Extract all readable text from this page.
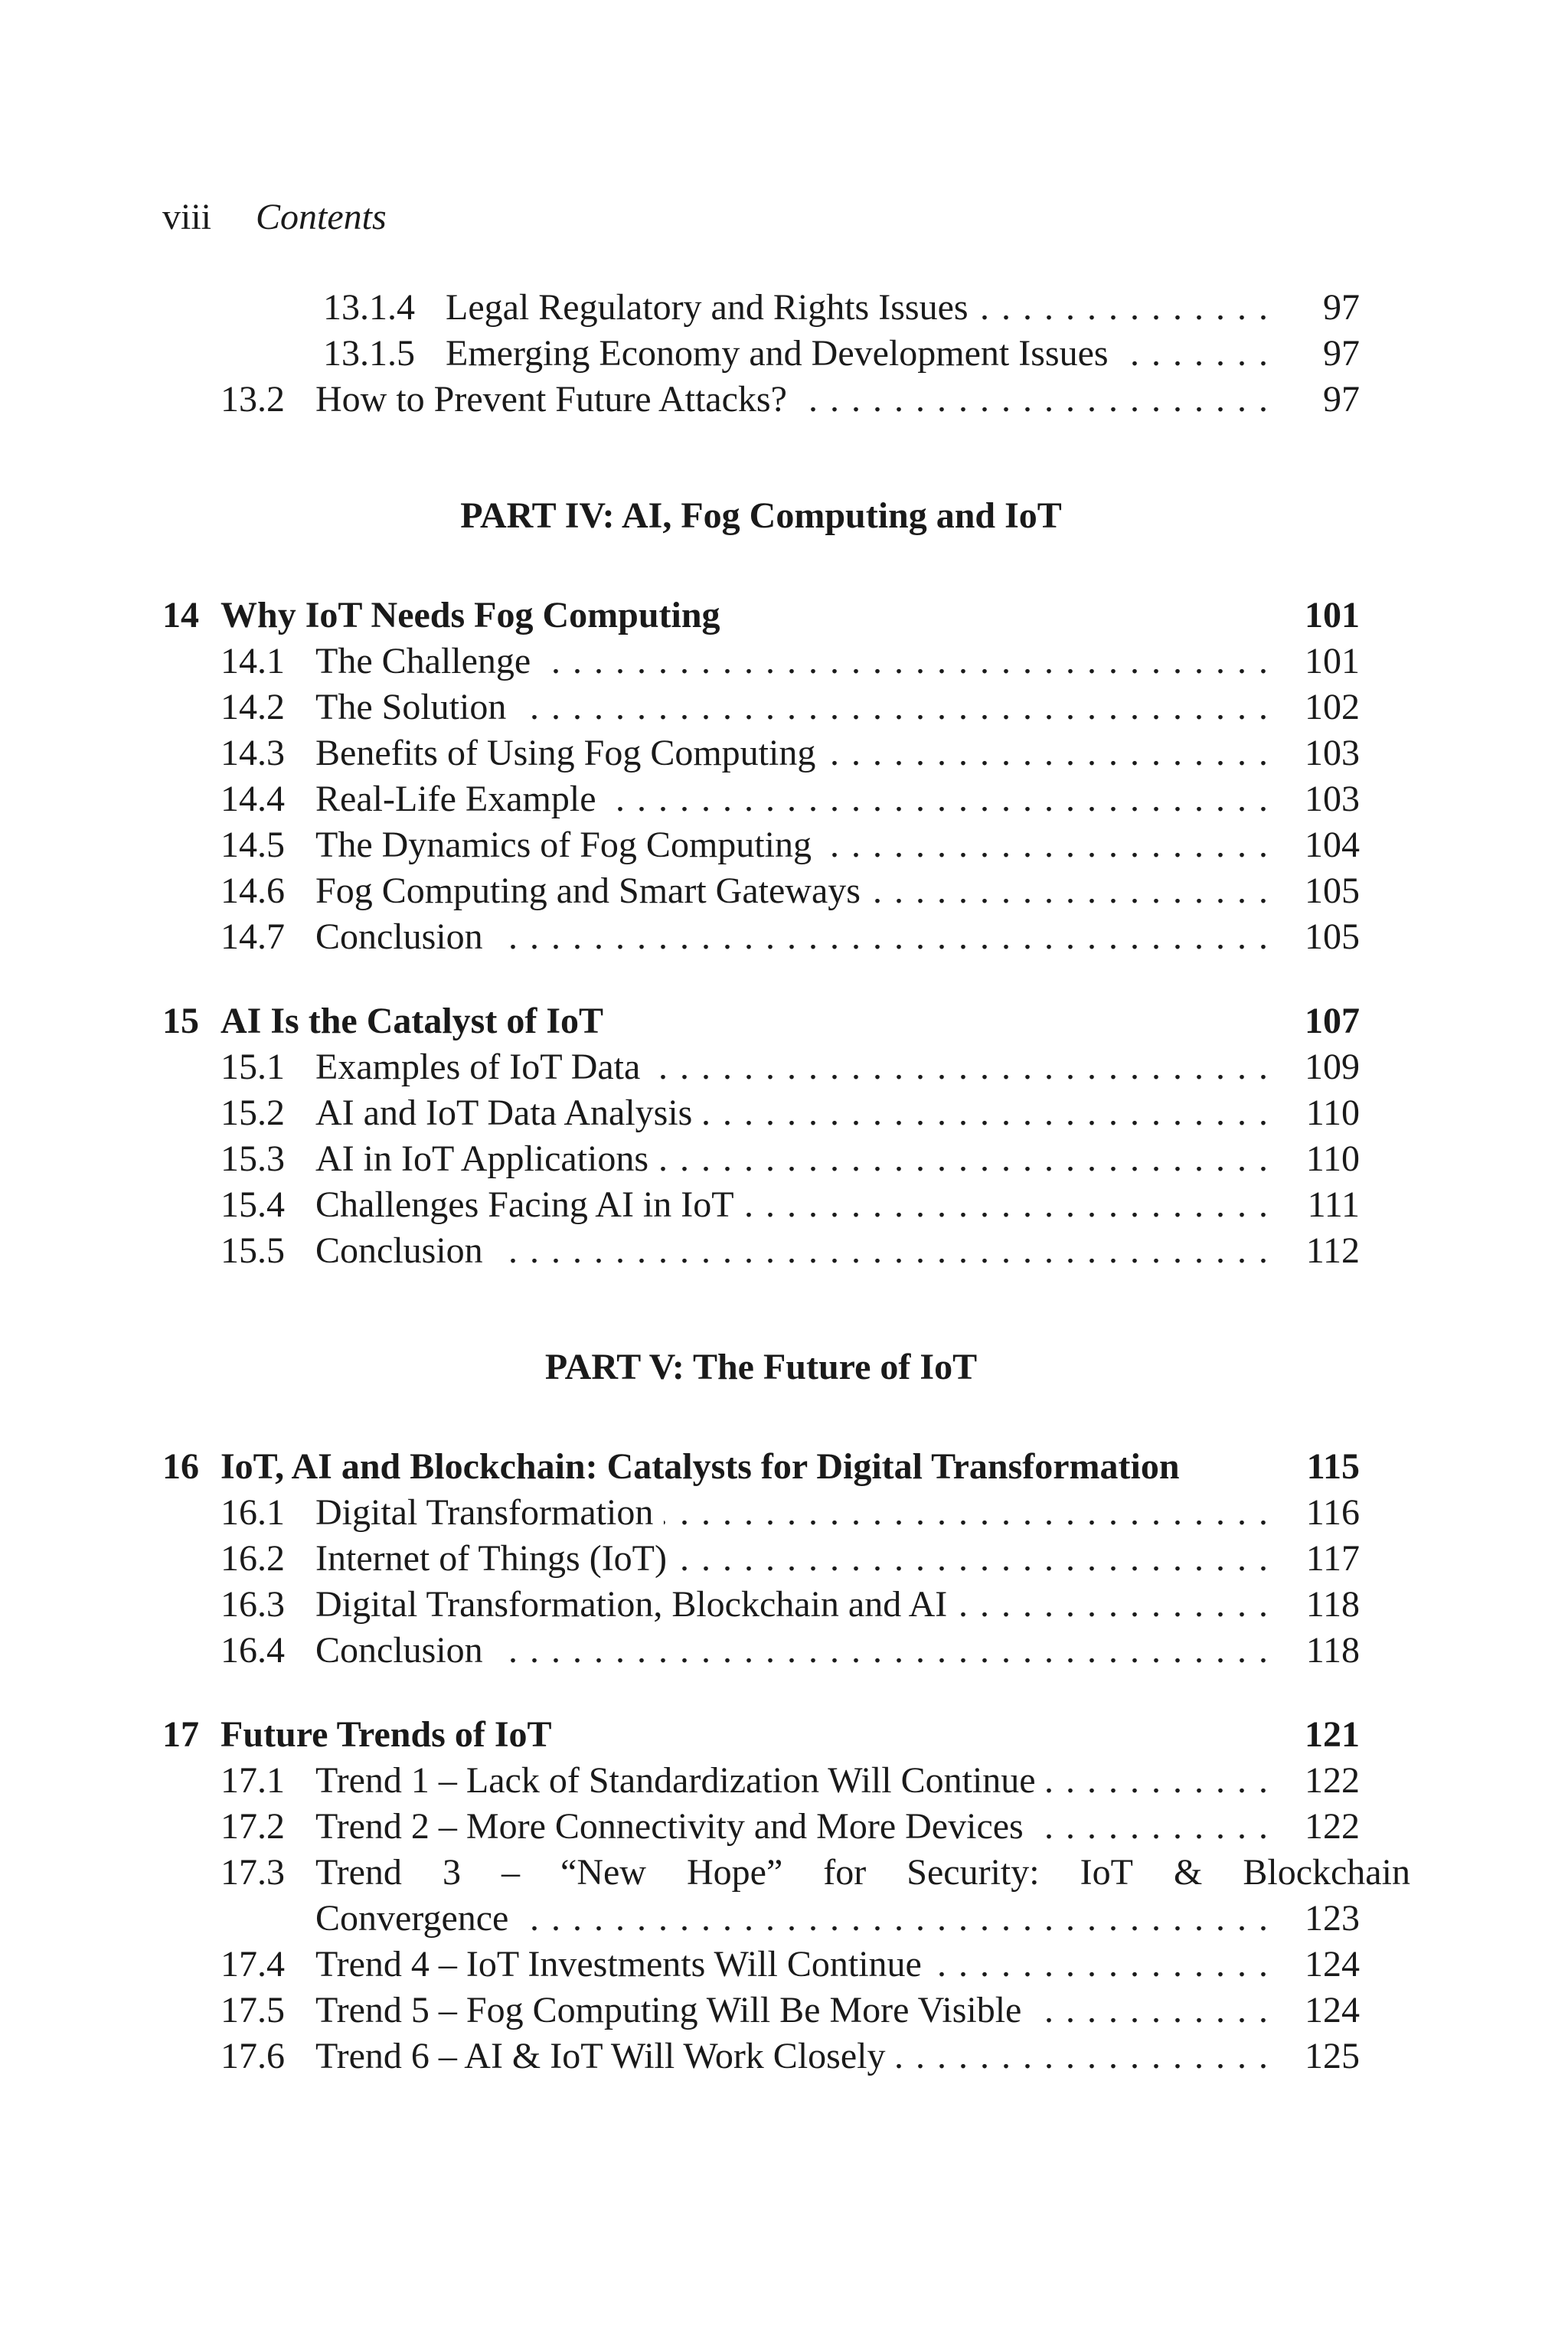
viii Contents
13.1.4 Legal Regulatory and Rights Issues . . .	97
13.1.5 Emerging Economy and Development Issues . . .	97
13.2 How to Prevent Future Attacks? . . .	97
PART IV: AI, Fog Computing and IoT
14 Why IoT Needs Fog Computing	101
14.1 The Challenge . . .	101
14.2 The Solution . . .	102
14.3 Benefits of Using Fog Computing . . .	103
14.4 Real-Life Example . . .	103
14.5 The Dynamics of Fog Computing . . .	104
14.6 Fog Computing and Smart Gateways . . .	105
14.7 Conclusion . . .	105
15 AI Is the Catalyst of IoT	107
15.1 Examples of IoT Data . . .	109
15.2 AI and IoT Data Analysis . . .	110
15.3 AI in IoT Applications . . .	110
15.4 Challenges Facing AI in IoT . . .	111
15.5 Conclusion . . .	112
PART V: The Future of IoT
16 IoT, AI and Blockchain: Catalysts for Digital Transformation	115
16.1 Digital Transformation . . .	116
16.2 Internet of Things (IoT) . . .	117
16.3 Digital Transformation, Blockchain and AI . . .	118
16.4 Conclusion . . .	118
17 Future Trends of IoT	121
17.1 Trend 1 – Lack of Standardization Will Continue . . .	122
17.2 Trend 2 – More Connectivity and More Devices . . .	122
17.3 Trend 3 – “New Hope” for Security: IoT & Blockchain
Convergence . . .	123
17.4 Trend 4 – IoT Investments Will Continue . . .	124
17.5 Trend 5 – Fog Computing Will Be More Visible . . .	124
17.6 Trend 6 – AI & IoT Will Work Closely . . .	125
